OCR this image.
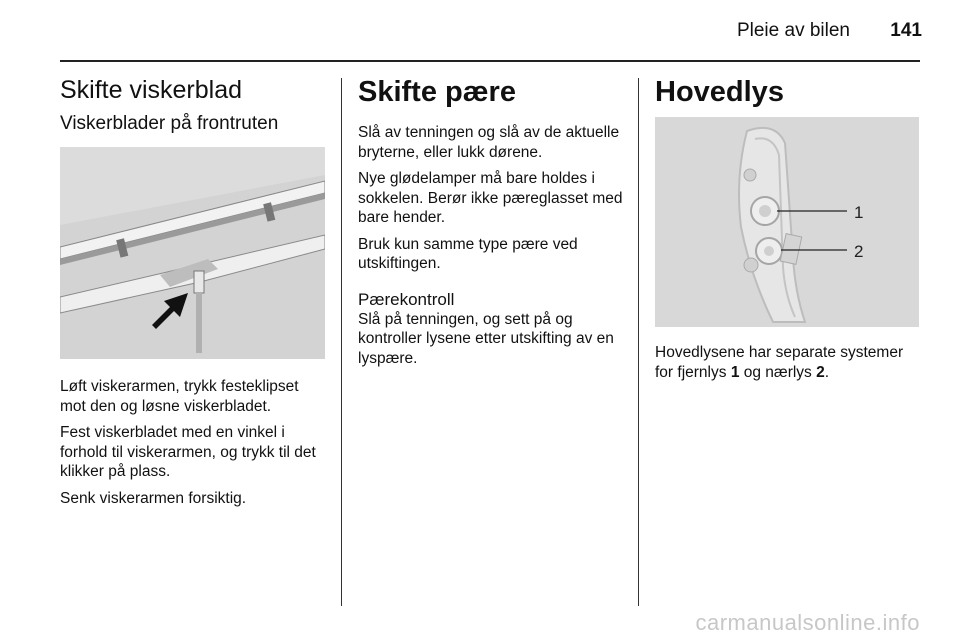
Pleie av bilen	141
Skifte viskerblad
Viskerblader på frontruten

Løft viskerarmen, trykk festeklipset mot den og løsne viskerbladet.

Fest viskerbladet med en vinkel i forhold til viskerarmen, og trykk til det klikker på plass.

Senk viskerarmen forsiktig.

Skifte pære

Slå av tenningen og slå av de aktuelle bryterne, eller lukk dørene.

Nye glødelamper må bare holdes i sokkelen. Berør ikke pæreglasset med bare hender.

Bruk kun samme type pære ved utskiftingen.

Pærekontroll

Slå på tenningen, og sett på og kontroller lysene etter utskifting av en lyspære.

Hovedlys
1
2

Hovedlysene har separate systemer for fjernlys 1 og nærlys 2.

carmanualsonline.info
